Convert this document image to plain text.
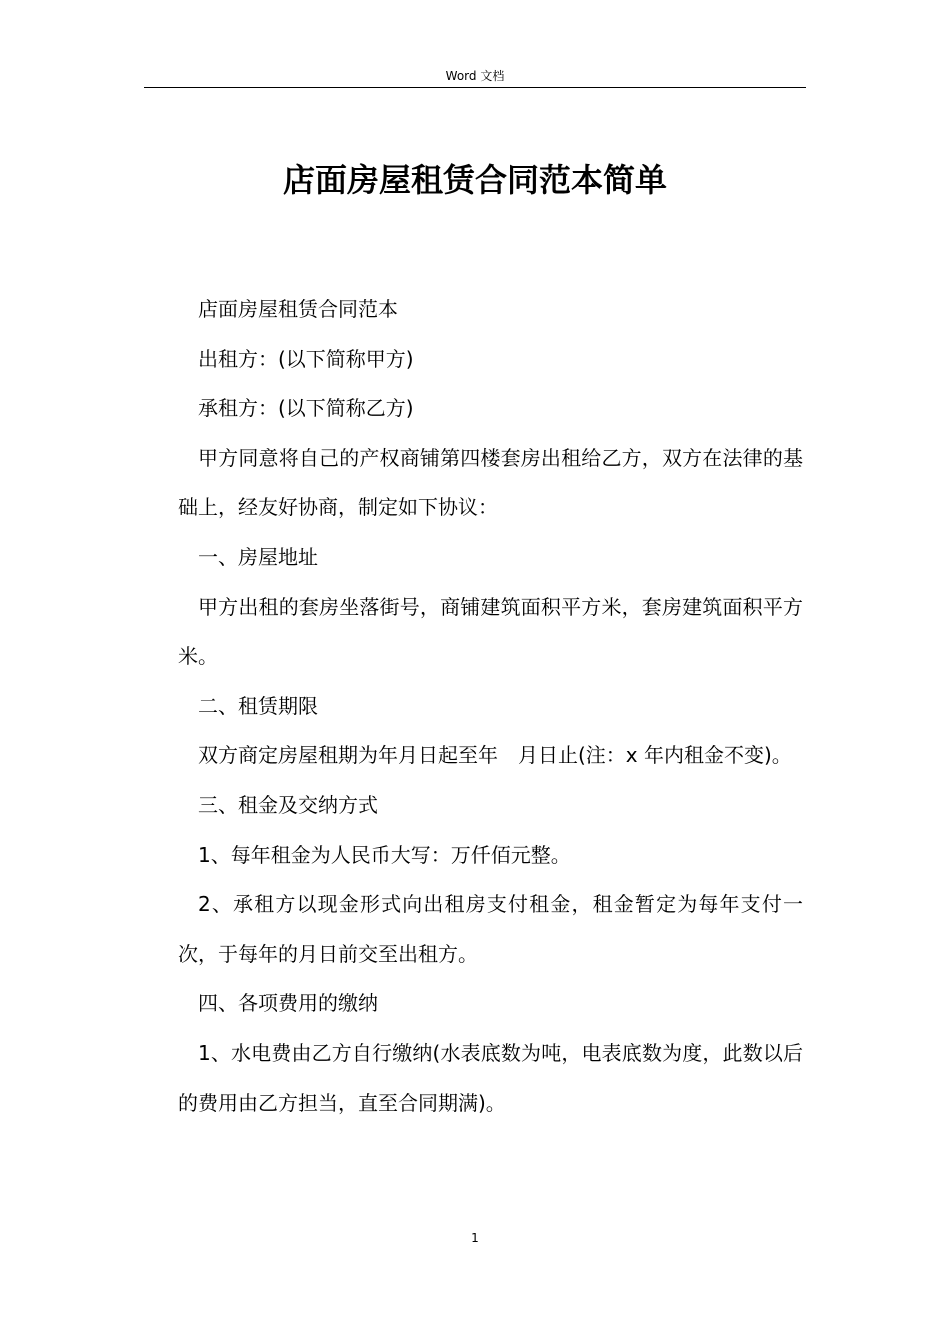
Word 文档
店面房屋租赁合同范本简单

店面房屋租赁合同范本

出租方：(以下简称甲方)

承租方：(以下简称乙方)

甲方同意将自己的产权商铺第四楼套房出租给乙方，双方在法律的基础上，经友好协商，制定如下协议：

一、房屋地址

甲方出租的套房坐落街号，商铺建筑面积平方米，套房建筑面积平方米。

二、租赁期限

双方商定房屋租期为年月日起至年　月日止(注：x 年内租金不变)。

三、租金及交纳方式

1、每年租金为人民币大写：万仟佰元整。

2、承租方以现金形式向出租房支付租金，租金暂定为每年支付一次，于每年的月日前交至出租方。

四、各项费用的缴纳

1、水电费由乙方自行缴纳(水表底数为吨，电表底数为度，此数以后的费用由乙方担当，直至合同期满)。

1
